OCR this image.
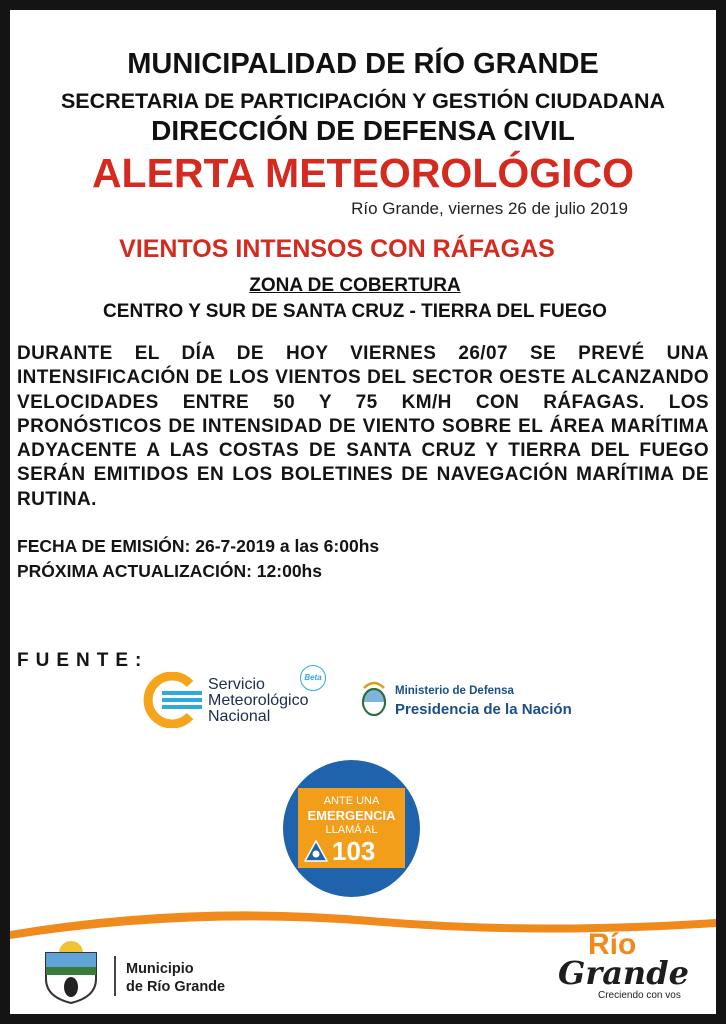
MUNICIPALIDAD DE RÍO GRANDE
SECRETARIA DE PARTICIPACIÓN Y GESTIÓN CIUDADANA
DIRECCIÓN DE DEFENSA CIVIL
ALERTA METEOROLÓGICO
Río Grande, viernes 26 de julio 2019
VIENTOS INTENSOS CON RÁFAGAS
ZONA DE COBERTURA
CENTRO Y SUR DE SANTA CRUZ - TIERRA DEL FUEGO
DURANTE EL DÍA DE HOY VIERNES 26/07 SE PREVÉ UNA INTENSIFICACIÓN DE LOS VIENTOS DEL SECTOR OESTE ALCANZANDO VELOCIDADES ENTRE 50 Y 75 KM/H CON RÁFAGAS. LOS PRONÓSTICOS DE INTENSIDAD DE VIENTO SOBRE EL ÁREA MARÍTIMA ADYACENTE A LAS COSTAS DE SANTA CRUZ Y TIERRA DEL FUEGO SERÁN EMITIDOS EN LOS BOLETINES DE NAVEGACIÓN MARÍTIMA DE RUTINA.
FECHA DE EMISIÓN: 26-7-2019 a las 6:00hs
PRÓXIMA ACTUALIZACIÓN: 12:00hs
FUENTE:
Servicio
Meteorológico
Nacional
Beta
Ministerio de Defensa
Presidencia de la Nación
ANTE UNA
EMERGENCIA
LLAMÁ AL
103
Municipio
de Río Grande
Río
Grande
Creciendo con vos
